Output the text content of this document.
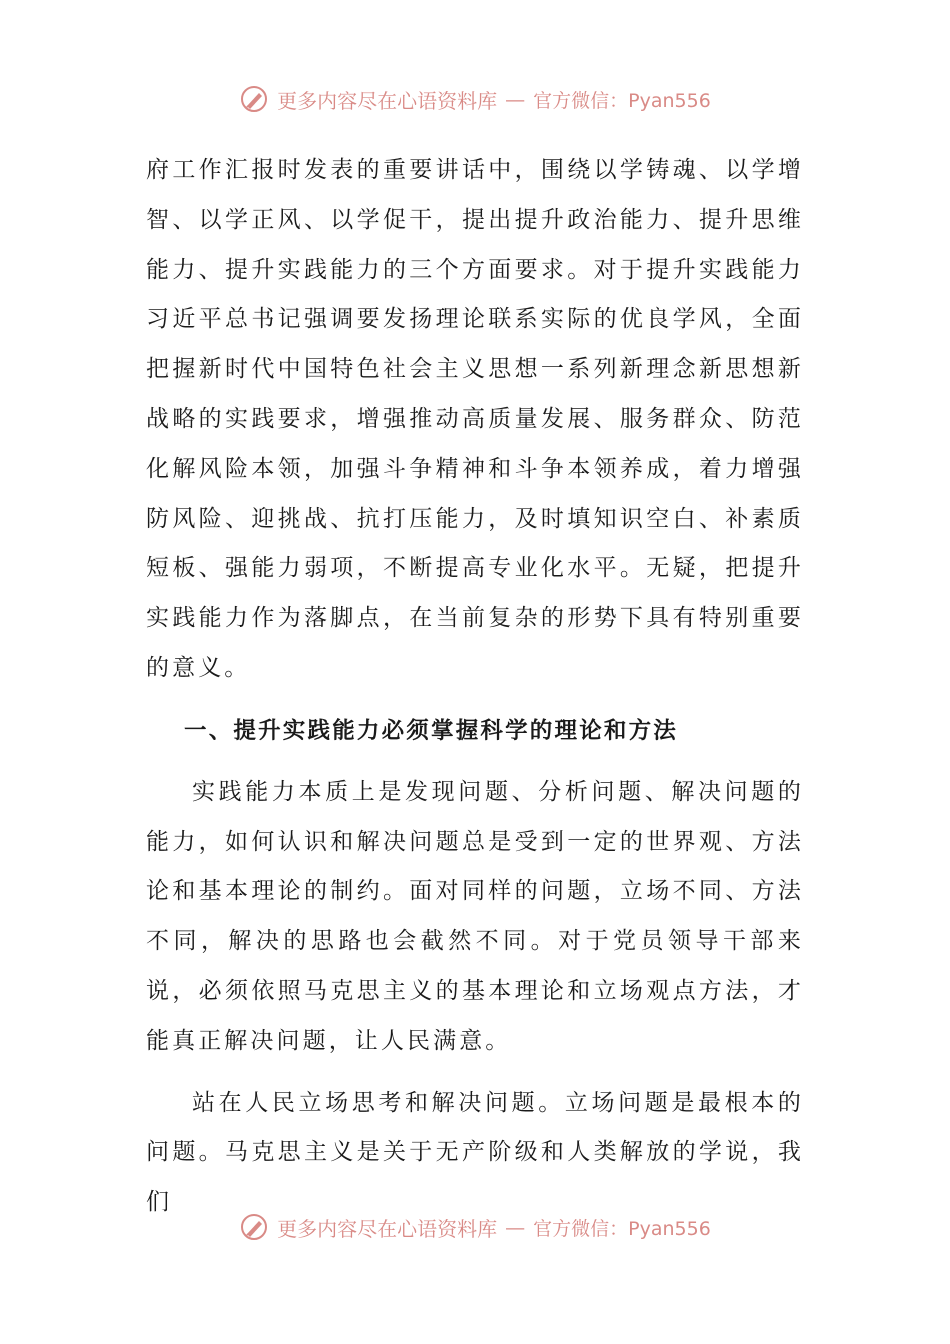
更多内容尽在心语资料库 — 官方微信：Pyan556

府工作汇报时发表的重要讲话中，围绕以学铸魂、以学增智、以学正风、以学促干，提出提升政治能力、提升思维能力、提升实践能力的三个方面要求。对于提升实践能力习近平总书记强调要发扬理论联系实际的优良学风，全面把握新时代中国特色社会主义思想一系列新理念新思想新战略的实践要求，增强推动高质量发展、服务群众、防范化解风险本领，加强斗争精神和斗争本领养成，着力增强防风险、迎挑战、抗打压能力，及时填知识空白、补素质短板、强能力弱项，不断提高专业化水平。无疑，把提升实践能力作为落脚点，在当前复杂的形势下具有特别重要的意义。

一、提升实践能力必须掌握科学的理论和方法

实践能力本质上是发现问题、分析问题、解决问题的能力，如何认识和解决问题总是受到一定的世界观、方法论和基本理论的制约。面对同样的问题，立场不同、方法不同，解决的思路也会截然不同。对于党员领导干部来说，必须依照马克思主义的基本理论和立场观点方法，才能真正解决问题，让人民满意。

站在人民立场思考和解决问题。立场问题是最根本的问题。马克思主义是关于无产阶级和人类解放的学说，我们

更多内容尽在心语资料库 — 官方微信：Pyan556
